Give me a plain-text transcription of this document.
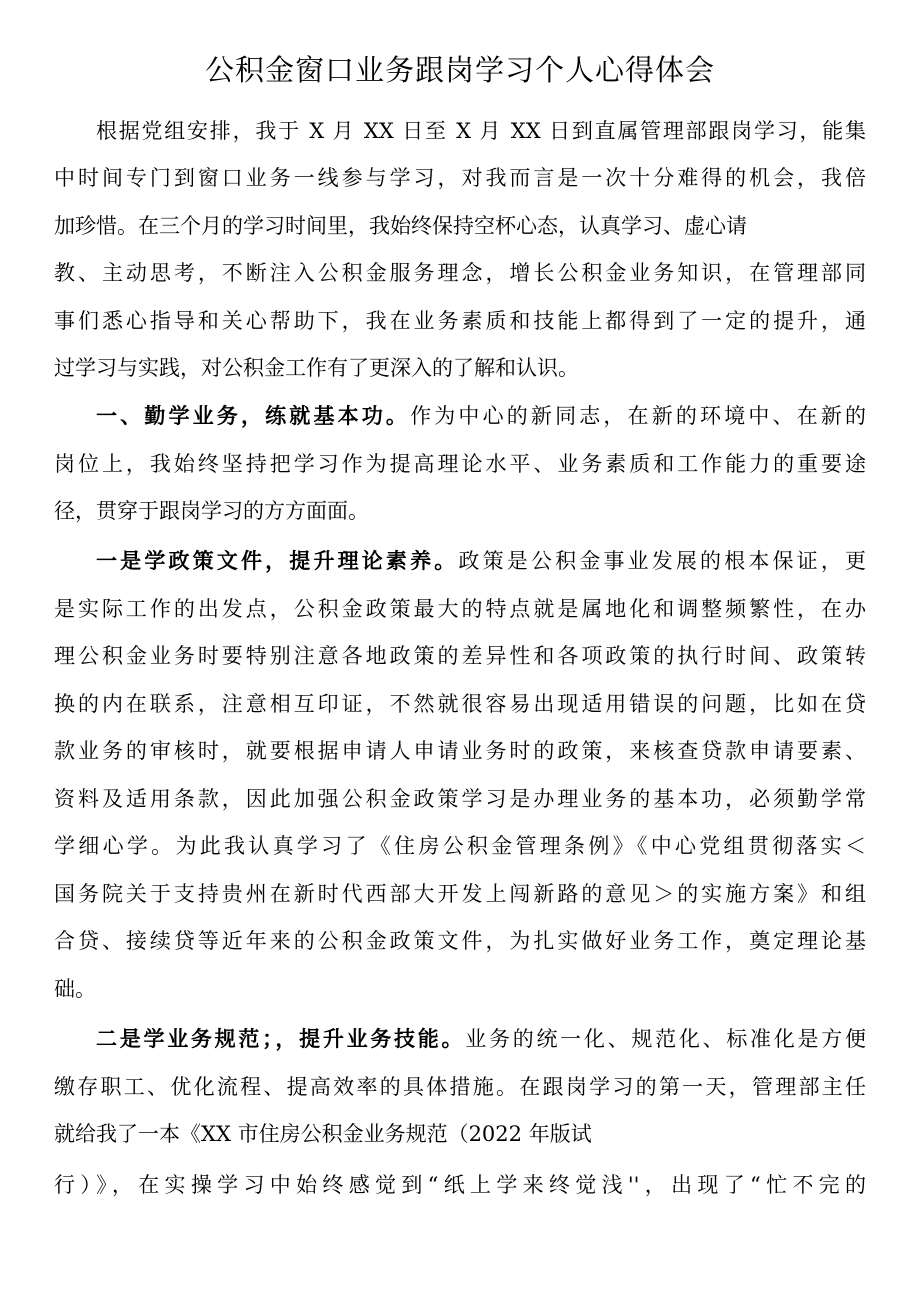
公积金窗口业务跟岗学习个人心得体会

根据党组安排，我于 X 月 XX 日至 X 月 XX 日到直属管理部跟岗学习，能集

中时间专门到窗口业务一线参与学习，对我而言是一次十分难得的机会，我倍

加珍惜。在三个月的学习时间里，我始终保持空杯心态，认真学习、虚心请

教、主动思考，不断注入公积金服务理念，增长公积金业务知识，在管理部同

事们悉心指导和关心帮助下，我在业务素质和技能上都得到了一定的提升，通

过学习与实践，对公积金工作有了更深入的了解和认识。

一、勤学业务，练就基本功。作为中心的新同志，在新的环境中、在新的

岗位上，我始终坚持把学习作为提高理论水平、业务素质和工作能力的重要途

径，贯穿于跟岗学习的方方面面。

一是学政策文件，提升理论素养。政策是公积金事业发展的根本保证，更

是实际工作的出发点，公积金政策最大的特点就是属地化和调整频繁性，在办

理公积金业务时要特别注意各地政策的差异性和各项政策的执行时间、政策转

换的内在联系，注意相互印证，不然就很容易出现适用错误的问题，比如在贷

款业务的审核时，就要根据申请人申请业务时的政策，来核查贷款申请要素、

资料及适用条款，因此加强公积金政策学习是办理业务的基本功，必须勤学常

学细心学。为此我认真学习了《住房公积金管理条例》《中心党组贯彻落实＜

国务院关于支持贵州在新时代西部大开发上闯新路的意见＞的实施方案》和组

合贷、接续贷等近年来的公积金政策文件，为扎实做好业务工作，奠定理论基

础。

二是学业务规范；，提升业务技能。业务的统一化、规范化、标准化是方便

缴存职工、优化流程、提高效率的具体措施。在跟岗学习的第一天，管理部主任

就给我了一本《XX 市住房公积金业务规范（2022 年版试

行）》，在实操学习中始终感觉到“纸上学来终觉浅''，出现了“忙不完的
